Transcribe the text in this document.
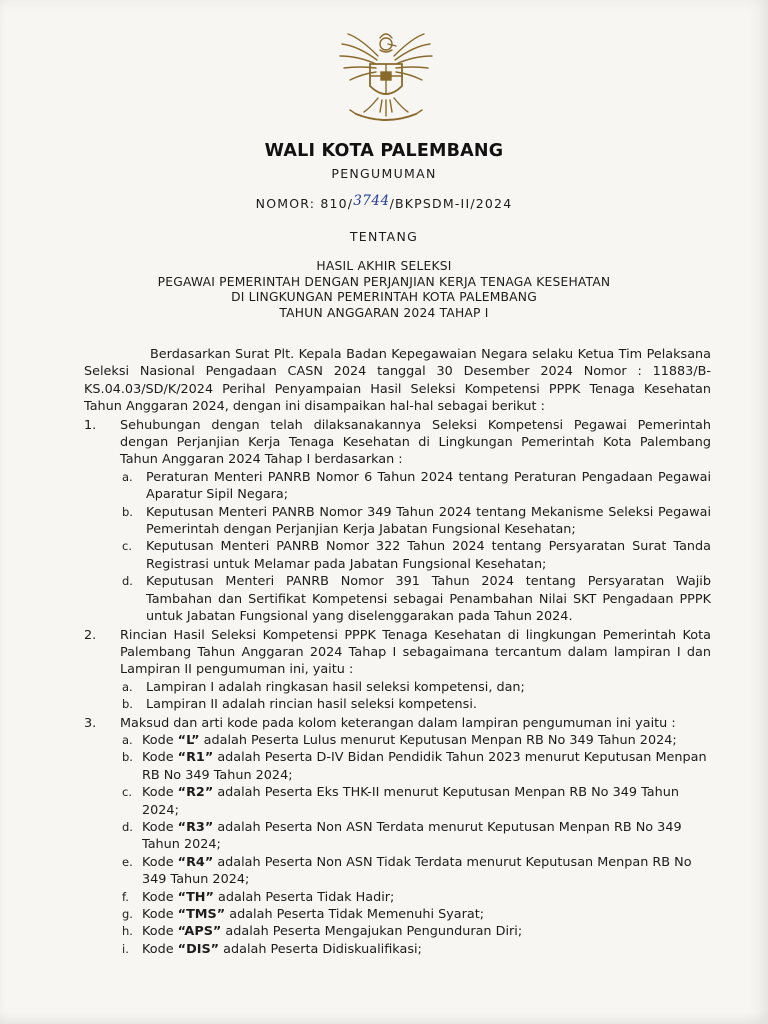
WALI KOTA PALEMBANG
PENGUMUMAN
NOMOR: 810/3744/BKPSDM-II/2024
TENTANG
HASIL AKHIR SELEKSI
PEGAWAI PEMERINTAH DENGAN PERJANJIAN KERJA TENAGA KESEHATAN
DI LINGKUNGAN PEMERINTAH KOTA PALEMBANG
TAHUN ANGGARAN 2024 TAHAP I

Berdasarkan Surat Plt. Kepala Badan Kepegawaian Negara selaku Ketua Tim Pelaksana Seleksi Nasional Pengadaan CASN 2024 tanggal 30 Desember 2024 Nomor : 11883/B-KS.04.03/SD/K/2024 Perihal Penyampaian Hasil Seleksi Kompetensi PPPK Tenaga Kesehatan Tahun Anggaran 2024, dengan ini disampaikan hal-hal sebagai berikut :

1. Sehubungan dengan telah dilaksanakannya Seleksi Kompetensi Pegawai Pemerintah dengan Perjanjian Kerja Tenaga Kesehatan di Lingkungan Pemerintah Kota Palembang Tahun Anggaran 2024 Tahap I berdasarkan :
a. Peraturan Menteri PANRB Nomor 6 Tahun 2024 tentang Peraturan Pengadaan Pegawai Aparatur Sipil Negara;
b. Keputusan Menteri PANRB Nomor 349 Tahun 2024 tentang Mekanisme Seleksi Pegawai Pemerintah dengan Perjanjian Kerja Jabatan Fungsional Kesehatan;
c. Keputusan Menteri PANRB Nomor 322 Tahun 2024 tentang Persyaratan Surat Tanda Registrasi untuk Melamar pada Jabatan Fungsional Kesehatan;
d. Keputusan Menteri PANRB Nomor 391 Tahun 2024 tentang Persyaratan Wajib Tambahan dan Sertifikat Kompetensi sebagai Penambahan Nilai SKT Pengadaan PPPK untuk Jabatan Fungsional yang diselenggarakan pada Tahun 2024.
2. Rincian Hasil Seleksi Kompetensi PPPK Tenaga Kesehatan di lingkungan Pemerintah Kota Palembang Tahun Anggaran 2024 Tahap I sebagaimana tercantum dalam lampiran I dan Lampiran II pengumuman ini, yaitu :
a. Lampiran I adalah ringkasan hasil seleksi kompetensi, dan;
b. Lampiran II adalah rincian hasil seleksi kompetensi.
3. Maksud dan arti kode pada kolom keterangan dalam lampiran pengumuman ini yaitu :
a. Kode “L” adalah Peserta Lulus menurut Keputusan Menpan RB No 349 Tahun 2024;
b. Kode “R1” adalah Peserta D-IV Bidan Pendidik Tahun 2023 menurut Keputusan Menpan RB No 349 Tahun 2024;
c. Kode “R2” adalah Peserta Eks THK-II menurut Keputusan Menpan RB No 349 Tahun 2024;
d. Kode “R3” adalah Peserta Non ASN Terdata menurut Keputusan Menpan RB No 349 Tahun 2024;
e. Kode “R4” adalah Peserta Non ASN Tidak Terdata menurut Keputusan Menpan RB No 349 Tahun 2024;
f. Kode “TH” adalah Peserta Tidak Hadir;
g. Kode “TMS” adalah Peserta Tidak Memenuhi Syarat;
h. Kode “APS” adalah Peserta Mengajukan Pengunduran Diri;
i. Kode “DIS” adalah Peserta Didiskualifikasi;
